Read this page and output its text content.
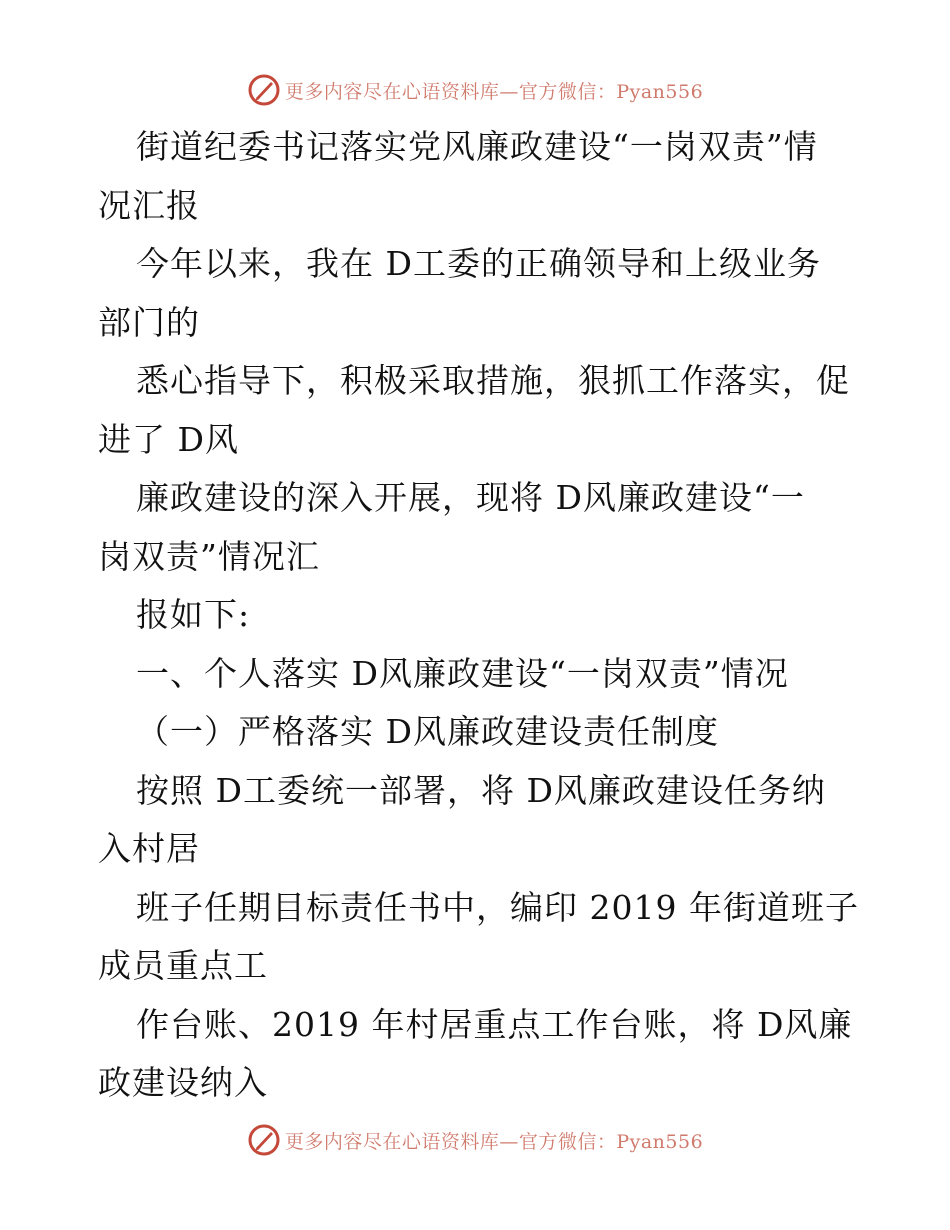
更多内容尽在心语资料库—官方微信：Pyan556
街道纪委书记落实党风廉政建设“一岗双责”情
况汇报
今年以来，我在 D工委的正确领导和上级业务
部门的
悉心指导下，积极采取措施，狠抓工作落实，促
进了 D风
廉政建设的深入开展，现将 D风廉政建设“一
岗双责”情况汇
报如下:
一、个人落实 D风廉政建设“一岗双责”情况
（一）严格落实 D风廉政建设责任制度
按照 D工委统一部署，将 D风廉政建设任务纳
入村居
班子任期目标责任书中，编印 2019 年街道班子
成员重点工
作台账、2019 年村居重点工作台账，将 D风廉
政建设纳入
更多内容尽在心语资料库—官方微信：Pyan556
